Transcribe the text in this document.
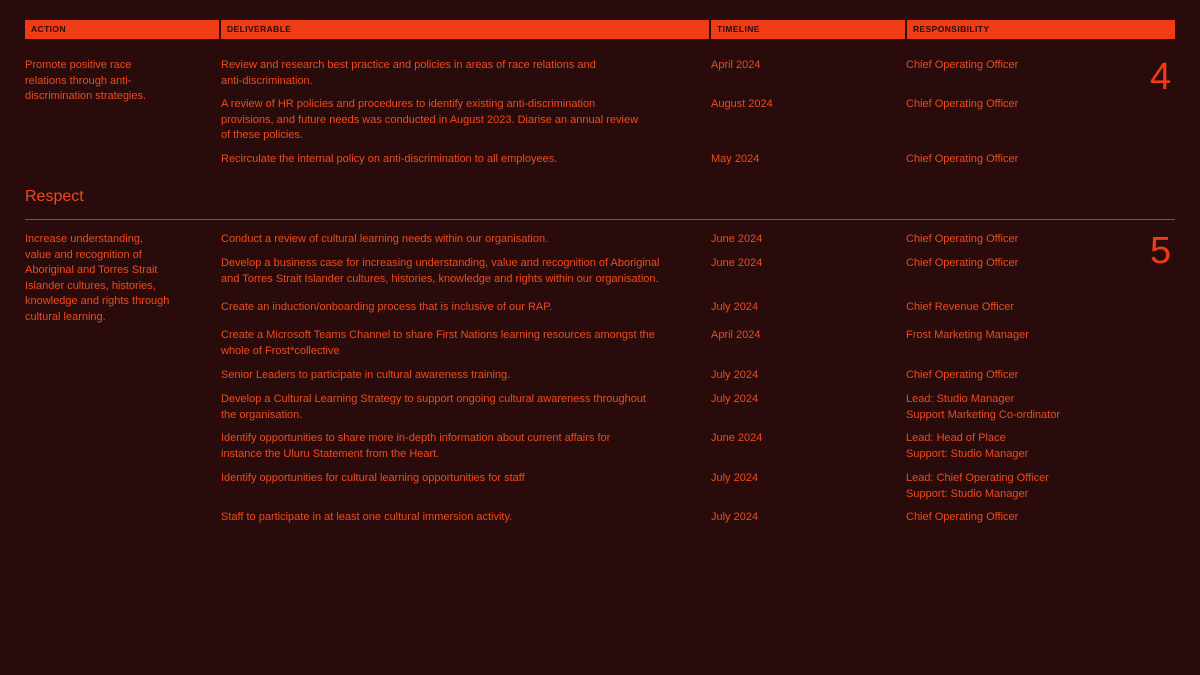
ACTION	DELIVERABLE	TIMELINE	RESPONSIBILITY
Promote positive race
relations through anti-
discrimination strategies.	4
Review and research best practice and policies in areas of race relations and
anti-discrimination.
April 2024	Chief Operating Officer
A review of HR policies and procedures to identify existing anti-discrimination
provisions, and future needs was conducted in August 2023. Diarise an annual review
of these policies.
August 2024	Chief Operating Officer
Recirculate the internal policy on anti-discrimination to all employees.	May 2024	Chief Operating Officer
Respect
Increase understanding,
value and recognition of
Aboriginal and Torres Strait
Islander cultures, histories,
knowledge and rights through
cultural learning.
5
Conduct a review of cultural learning needs within our organisation.	June 2024	Chief Operating Officer
Develop a business case for increasing understanding, value and recognition of Aboriginal
and Torres Strait Islander cultures, histories, knowledge and rights within our organisation.
June 2024	Chief Operating Officer
Create an induction/onboarding process that is inclusive of our RAP.	July 2024	Chief Revenue Officer
Create a Microsoft Teams Channel to share First Nations learning resources amongst the
whole of Frost*collective
April 2024	Frost Marketing Manager
Senior Leaders to participate in cultural awareness training.	July 2024	Chief Operating Officer
Develop a Cultural Learning Strategy to support ongoing cultural awareness throughout
the organisation.
July 2024	Lead: Studio Manager
Support Marketing Co-ordinator
Identify opportunities to share more in-depth information about current affairs for
instance the Uluru Statement from the Heart.
June 2024	Lead: Head of Place
Support: Studio Manager
Identify opportunities for cultural learning opportunities for staff	July 2024	Lead: Chief Operating Officer
Support: Studio Manager
Staff to participate in at least one cultural immersion activity.	July 2024	Chief Operating Officer
